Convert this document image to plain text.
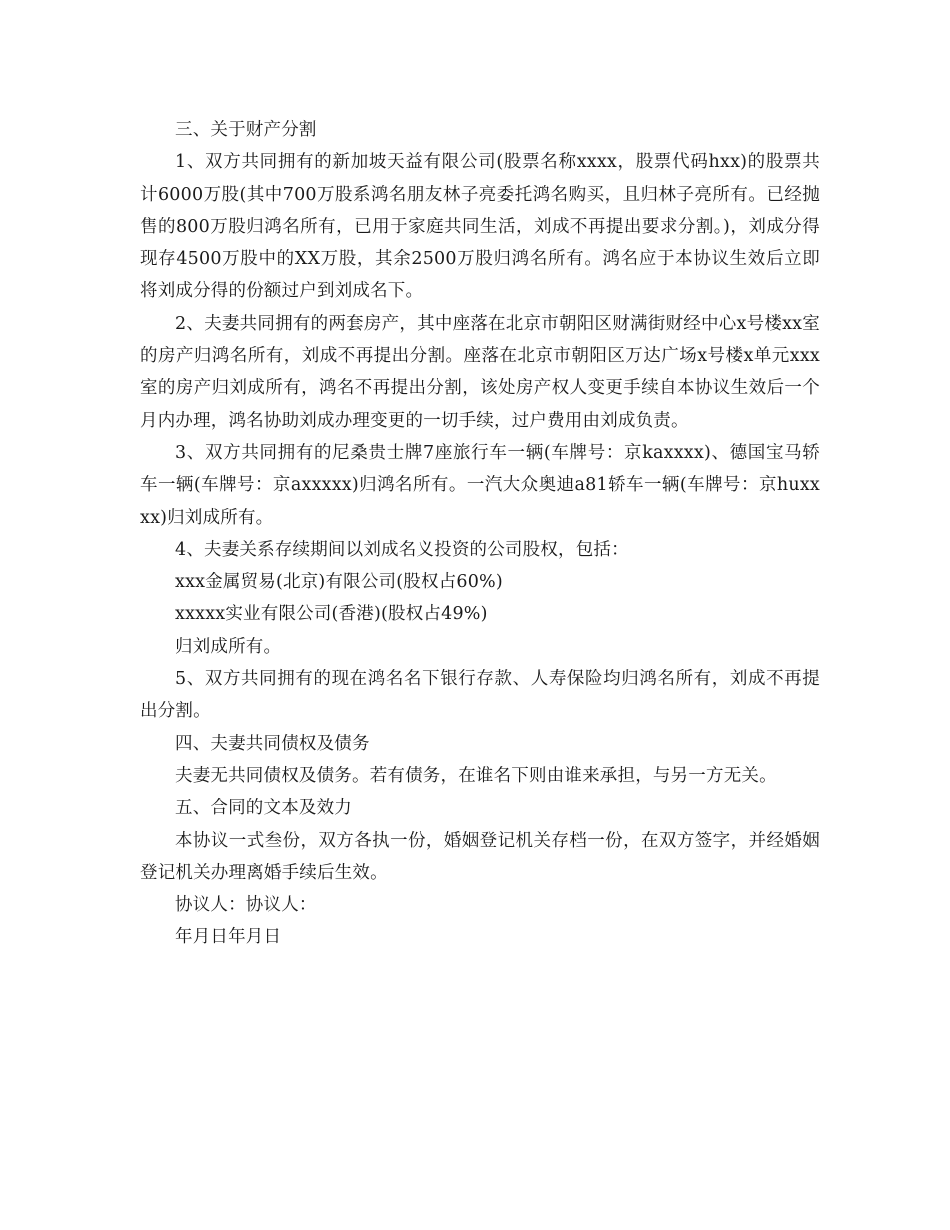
三、关于财产分割

1、双方共同拥有的新加坡天益有限公司(股票名称xxxx，股票代码hxx)的股票共计6000万股(其中700万股系鸿名朋友林子亮委托鸿名购买，且归林子亮所有。已经抛售的800万股归鸿名所有，已用于家庭共同生活，刘成不再提出要求分割。)，刘成分得现存4500万股中的XX万股，其余2500万股归鸿名所有。鸿名应于本协议生效后立即将刘成分得的份额过户到刘成名下。

2、夫妻共同拥有的两套房产，其中座落在北京市朝阳区财满街财经中心x号楼xx室的房产归鸿名所有，刘成不再提出分割。座落在北京市朝阳区万达广场x号楼x单元xxx室的房产归刘成所有，鸿名不再提出分割，该处房产权人变更手续自本协议生效后一个月内办理，鸿名协助刘成办理变更的一切手续，过户费用由刘成负责。

3、双方共同拥有的尼桑贵士牌7座旅行车一辆(车牌号：京kaxxxx)、德国宝马轿车一辆(车牌号：京axxxxx)归鸿名所有。一汽大众奥迪a81轿车一辆(车牌号：京huxxxx)归刘成所有。

4、夫妻关系存续期间以刘成名义投资的公司股权，包括：

xxx金属贸易(北京)有限公司(股权占60%)

xxxxx实业有限公司(香港)(股权占49%)

归刘成所有。

5、双方共同拥有的现在鸿名名下银行存款、人寿保险均归鸿名所有，刘成不再提出分割。

四、夫妻共同债权及债务

夫妻无共同债权及债务。若有债务，在谁名下则由谁来承担，与另一方无关。

五、合同的文本及效力

本协议一式叁份，双方各执一份，婚姻登记机关存档一份，在双方签字，并经婚姻登记机关办理离婚手续后生效。

协议人：协议人：

年月日年月日
